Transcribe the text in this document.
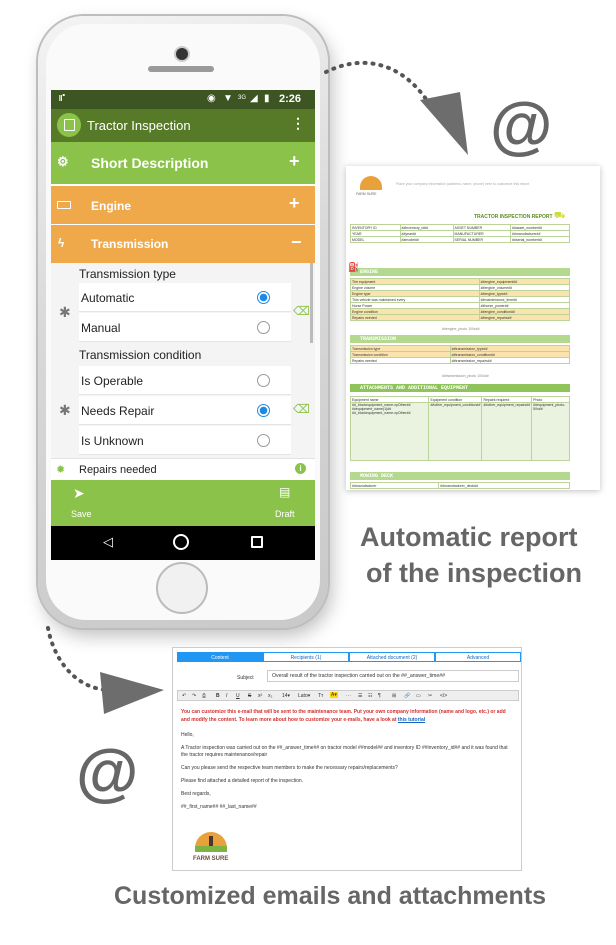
⑈	◉ ▼ 3G ◢ ▮ 2:26
Tractor Inspection	⋮
⚙ Short Description	+
Engine	+
ϟ Transmission	−
Transmission type
Automatic
Manual
✱	⌫
Transmission condition
Is Operable
Needs Repair
Is Unknown
✱	⌫
✹ Repairs needed	i
➤
Save
▤
Draft
◁
@
@
FARM SURE
Place your company information (address, name, phone) here to customize this report
TRACTOR INSPECTION REPORT ⛟
INVENTORY ID	##inventory_id##	ASSET NUMBER	##asset_number##
YEAR	##year##	MANUFACTURER	##manufacturer##
MODEL	##model##	SERIAL NUMBER	##serial_number##
ENGINE
⛽
The equipment	##engine_equipment##
Engine volume	##engine_volume##
Engine type	##engine_type##
This vehicle was maintained every	##maintenance_time##
Horse Power	##horse_power##
Engine condition	##engine_condition##
Repairs needed	##engine_repairs##
##engine_photo 100x##
TRANSMISSION
Transmission type	##transmission_type##
Transmission condition	##transmission_condition##
Repairs needed	##transmission_repairs##
##transmission_photo 100x##
ATTACHMENTS AND ADDITIONAL EQUIPMENT
Equipment name	Equipment condition	Repairs required	Photo
##_blockequipment_name-xpOther## ##equipment_name(1)## ##_blockequipment_name-xpOther##	##other_equipment_condition##	##other_equipment_repairs##	##equipment_photo-50x##
MOWING DECK
##manufacturer	##manufacturer_deck##
Automatic report
of the inspection
Content	Recipients (1)	Attached document (2)	Advanced
Subject	Overall result of the tractor inspection carried out on the ##_answer_time##
↶ ↷ ⎙ B I U S x² x₂ 14▾ Lato▾ Tт A▾ ⋯ ☰ ☷ ¶ ⊞ 🔗 ▭ ✂ </>
You can customize this e-mail that will be sent to the maintenance team. Put your own company information (name and logo, etc.) or add and modify the content. To learn more about how to customize your e-mails, have a look at this tutorial

Hello,

A Tractor inspection was carried out on the ##_answer_time## on tractor model ##model## and inventory ID ##inventory_id## and it was found that the tractor requires maintenance/repair

Can you please send the respective team members to make the necessary repairs/replacements?

Please find attached a detailed report of the inspection.

Best regards,

##_first_name## ##_last_name##

FARM SURE
Customized emails and attachments
